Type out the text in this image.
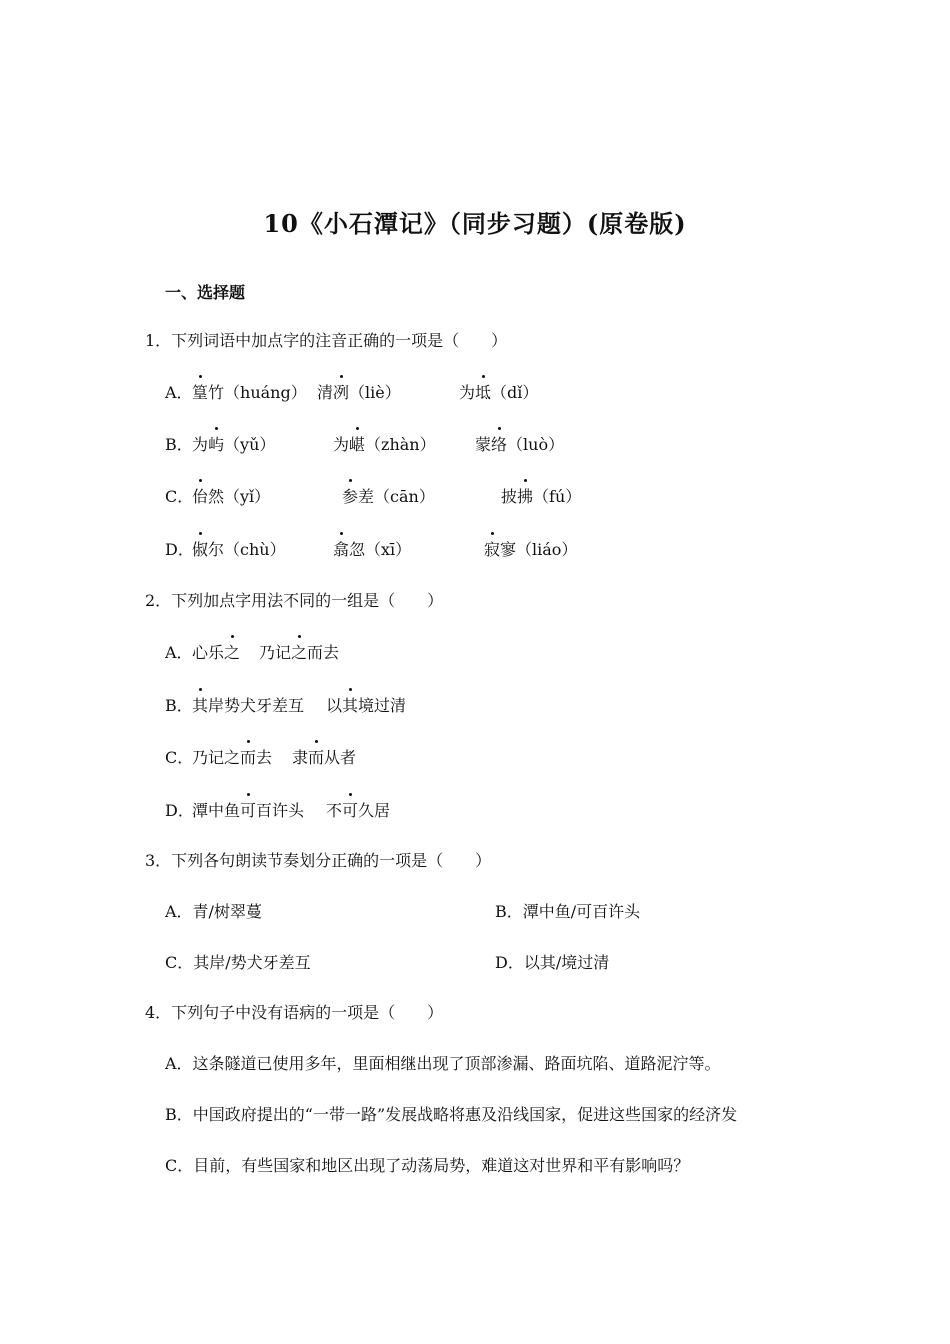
10《小石潭记》（同步习题）(原卷版)
一、选择题
1．下列词语中加点字的注音正确的一项是（　　）
A． 篁竹（huáng） 清冽（liè）	为坻（dǐ）
B． 为屿（yǔ）	为嵁（zhàn） 蒙络（luò）
C．
佁然（yǐ）	参差（cān）	披拂（fú）
D．
俶尔（chù）	翕忽（xī）	寂寥（liáo）
2．下列加点字用法不同的一组是（　　）
A． 心乐之 乃记之而去
B． 其岸势犬牙差互 以其境过清
C．
乃记之而去 隶而从者
D．
潭中鱼可百许头 不可久居
3．下列各句朗读节奏划分正确的一项是（　　）
A．青/树翠蔓	B．潭中鱼/可百许头
C．其岸/势犬牙差互	D．以其/境过清
4．下列句子中没有语病的一项是（　　）
A．这条隧道已使用多年，里面相继出现了顶部渗漏、路面坑陷、道路泥泞等。
B．中国政府提出的“一带一路”发展战略将惠及沿线国家，促进这些国家的经济发
C．目前，有些国家和地区出现了动荡局势，难道这对世界和平有影响吗？
